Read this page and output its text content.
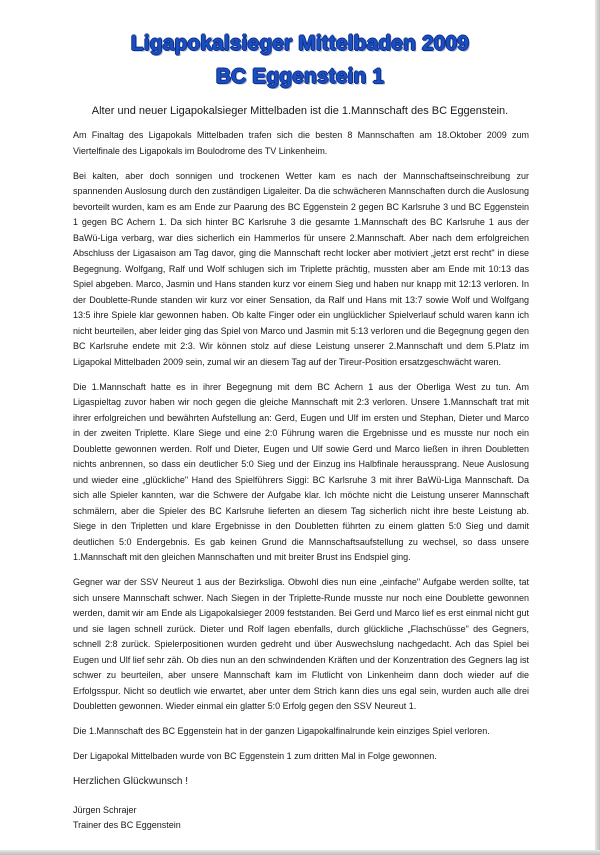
Ligapokalsieger Mittelbaden 2009
BC Eggenstein 1
Alter und neuer Ligapokalsieger Mittelbaden ist die 1.Mannschaft des BC Eggenstein.

Am Finaltag des Ligapokals Mittelbaden trafen sich die besten 8 Mannschaften am 18.Oktober 2009 zum Viertelfinale des Ligapokals im Boulodrome des TV Linkenheim.

Bei kalten, aber doch sonnigen und trockenen Wetter kam es nach der Mannschaftseinschreibung zur spannenden Auslosung durch den zuständigen Ligaleiter. Da die schwächeren Mannschaften durch die Auslosung bevorteilt wurden, kam es am Ende zur Paarung des BC Eggenstein 2 gegen BC Karlsruhe 3 und BC Eggenstein 1 gegen BC Achern 1. Da sich hinter BC Karlsruhe 3 die gesamte 1.Mannschaft des BC Karlsruhe 1 aus der BaWü-Liga verbarg, war dies sicherlich ein Hammerlos für unsere 2.Mannschaft. Aber nach dem erfolgreichen Abschluss der Ligasaison am Tag davor, ging die Mannschaft recht locker aber motiviert „jetzt erst recht" in diese Begegnung. Wolfgang, Ralf und Wolf schlugen sich im Triplette prächtig, mussten aber am Ende mit 10:13 das Spiel abgeben. Marco, Jasmin und Hans standen kurz vor einem Sieg und haben nur knapp mit 12:13 verloren. In der Doublette-Runde standen wir kurz vor einer Sensation, da Ralf und Hans mit 13:7 sowie Wolf und Wolfgang 13:5 ihre Spiele klar gewonnen haben. Ob kalte Finger oder ein unglücklicher Spielverlauf schuld waren kann ich nicht beurteilen, aber leider ging das Spiel von Marco und Jasmin mit 5:13 verloren und die Begegnung gegen den BC Karlsruhe endete mit 2:3. Wir können stolz auf diese Leistung unserer 2.Mannschaft und dem 5.Platz im Ligapokal Mittelbaden 2009 sein, zumal wir an diesem Tag auf der Tireur-Position ersatzgeschwächt waren.

Die 1.Mannschaft hatte es in ihrer Begegnung mit dem BC Achern 1 aus der Oberliga West zu tun. Am Ligaspieltag zuvor haben wir noch gegen die gleiche Mannschaft mit 2:3 verloren. Unsere 1.Mannschaft trat mit ihrer erfolgreichen und bewährten Aufstellung an: Gerd, Eugen und Ulf im ersten und Stephan, Dieter und Marco in der zweiten Triplette. Klare Siege und eine 2:0 Führung waren die Ergebnisse und es musste nur noch ein Doublette gewonnen werden. Rolf und Dieter, Eugen und Ulf sowie Gerd und Marco ließen in ihren Doubletten nichts anbrennen, so dass ein deutlicher 5:0 Sieg und der Einzug ins Halbfinale heraussprang. Neue Auslosung und wieder eine „glückliche" Hand des Spielführers Siggi: BC Karlsruhe 3 mit ihrer BaWü-Liga Mannschaft. Da sich alle Spieler kannten, war die Schwere der Aufgabe klar. Ich möchte nicht die Leistung unserer Mannschaft schmälern, aber die Spieler des BC Karlsruhe lieferten an diesem Tag sicherlich nicht ihre beste Leistung ab. Siege in den Tripletten und klare Ergebnisse in den Doubletten führten zu einem glatten 5:0 Sieg und damit deutlichen 5:0 Endergebnis. Es gab keinen Grund die Mannschaftsaufstellung zu wechsel, so dass unsere 1.Mannschaft mit den gleichen Mannschaften und mit breiter Brust ins Endspiel ging.

Gegner war der SSV Neureut 1 aus der Bezirksliga. Obwohl dies nun eine „einfache" Aufgabe werden sollte, tat sich unsere Mannschaft schwer. Nach Siegen in der Triplette-Runde musste nur noch eine Doublette gewonnen werden, damit wir am Ende als Ligapokalsieger 2009 feststanden. Bei Gerd und Marco lief es erst einmal nicht gut und sie lagen schnell zurück. Dieter und Rolf lagen ebenfalls, durch glückliche „Flachschüsse" des Gegners, schnell 2:8 zurück. Spielerpositionen wurden gedreht und über Auswechslung nachgedacht. Ach das Spiel bei Eugen und Ulf lief sehr zäh. Ob dies nun an den schwindenden Kräften und der Konzentration des Gegners lag ist schwer zu beurteilen, aber unsere Mannschaft kam im Flutlicht von Linkenheim dann doch wieder auf die Erfolgsspur. Nicht so deutlich wie erwartet, aber unter dem Strich kann dies uns egal sein, wurden auch alle drei Doubletten gewonnen. Wieder einmal ein glatter 5:0 Erfolg gegen den SSV Neureut 1.

Die 1.Mannschaft des BC Eggenstein hat in der ganzen Ligapokalfinalrunde kein einziges Spiel verloren.

Der Ligapokal Mittelbaden wurde von BC Eggenstein 1 zum dritten Mal in Folge gewonnen.

Herzlichen Glückwunsch !

Jürgen Schrajer

Trainer des BC Eggenstein
